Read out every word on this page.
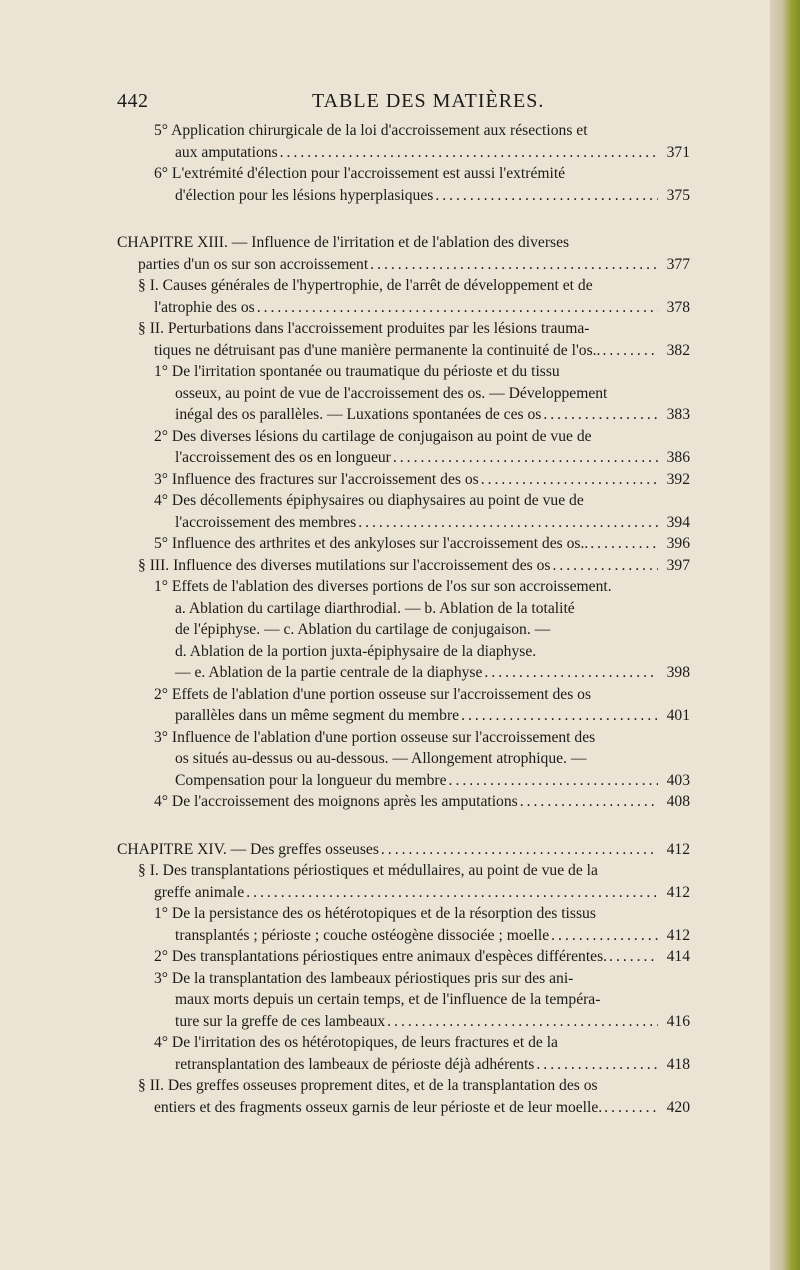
442	TABLE DES MATIÈRES.
5° Application chirurgicale de la loi d'accroissement aux résections et
aux amputations .....	371
6° L'extrémité d'élection pour l'accroissement est aussi l'extrémité
d'élection pour les lésions hyperplasiques .....	375
CHAPITRE XIII. — Influence de l'irritation et de l'ablation des diverses
parties d'un os sur son accroissement .....	377
§ I. Causes générales de l'hypertrophie, de l'arrêt de développement et de
l'atrophie des os .....	378
§ II. Perturbations dans l'accroissement produites par les lésions trauma-
tiques ne détruisant pas d'une manière permanente la continuité de l'os.. .....	382
1° De l'irritation spontanée ou traumatique du périoste et du tissu
osseux, au point de vue de l'accroissement des os. — Développement
inégal des os parallèles. — Luxations spontanées de ces os .....	383
2° Des diverses lésions du cartilage de conjugaison au point de vue de
l'accroissement des os en longueur .....	386
3° Influence des fractures sur l'accroissement des os .....	392
4° Des décollements épiphysaires ou diaphysaires au point de vue de
l'accroissement des membres .....	394
5° Influence des arthrites et des ankyloses sur l'accroissement des os.. .....	396
§ III. Influence des diverses mutilations sur l'accroissement des os .....	397
1° Effets de l'ablation des diverses portions de l'os sur son accroissement.
a. Ablation du cartilage diarthrodial. — b. Ablation de la totalité
de l'épiphyse. — c. Ablation du cartilage de conjugaison. —
d. Ablation de la portion juxta-épiphysaire de la diaphyse.
— e. Ablation de la partie centrale de la diaphyse .....	398
2° Effets de l'ablation d'une portion osseuse sur l'accroissement des os
parallèles dans un même segment du membre .....	401
3° Influence de l'ablation d'une portion osseuse sur l'accroissement des
os situés au-dessus ou au-dessous. — Allongement atrophique. —
Compensation pour la longueur du membre .....	403
4° De l'accroissement des moignons après les amputations .....	408
CHAPITRE XIV. — Des greffes osseuses .....	412
§ I. Des transplantations périostiques et médullaires, au point de vue de la
greffe animale .....	412
1° De la persistance des os hétérotopiques et de la résorption des tissus
transplantés ; périoste ; couche ostéogène dissociée ; moelle .....	412
2° Des transplantations périostiques entre animaux d'espèces différentes. .....	414
3° De la transplantation des lambeaux périostiques pris sur des ani-
maux morts depuis un certain temps, et de l'influence de la tempéra-
ture sur la greffe de ces lambeaux .....	416
4° De l'irritation des os hétérotopiques, de leurs fractures et de la
retransplantation des lambeaux de périoste déjà adhérents .....	418
§ II. Des greffes osseuses proprement dites, et de la transplantation des os
entiers et des fragments osseux garnis de leur périoste et de leur moelle. .....	420
